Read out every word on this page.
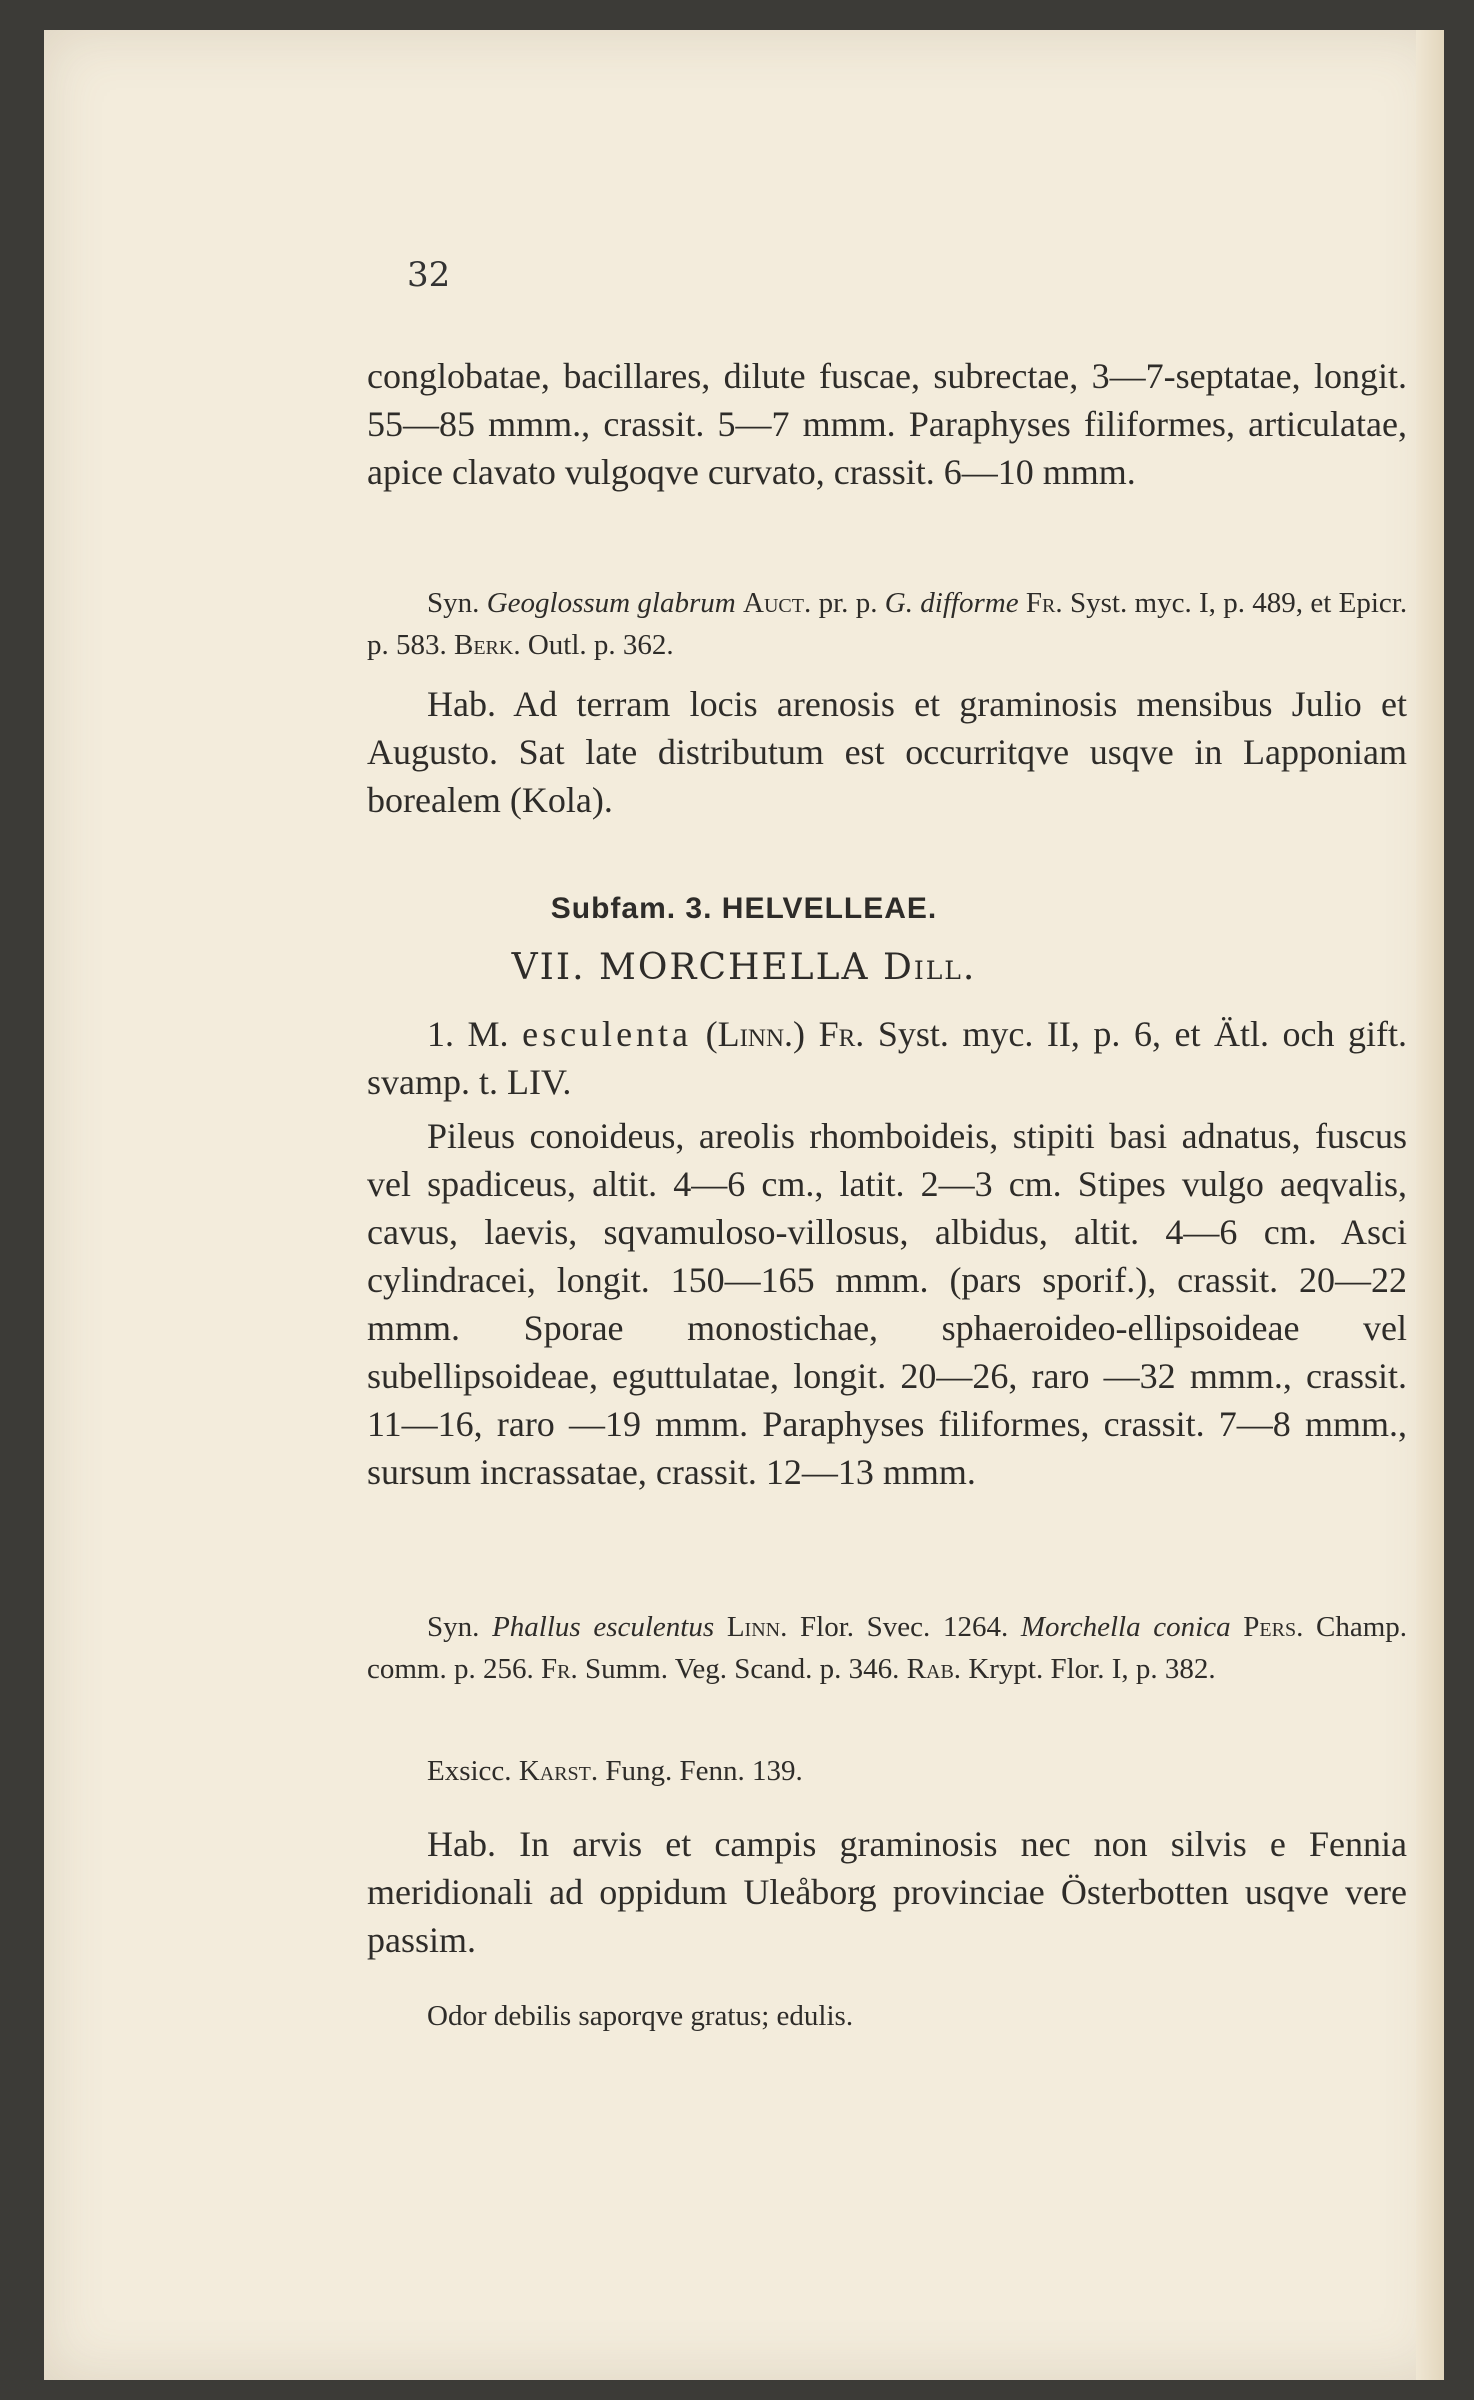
32
conglobatae, bacillares, dilute fuscae, subrectae, 3—7-septatae, longit. 55—85 mmm., crassit. 5—7 mmm. Paraphyses filiformes, articulatae, apice clavato vulgoqve curvato, crassit. 6—10 mmm.
Syn. Geoglossum glabrum Auct. pr. p. G. difforme Fr. Syst. myc. I, p. 489, et Epicr. p. 583. Berk. Outl. p. 362.
Hab. Ad terram locis arenosis et graminosis mensibus Julio et Augusto. Sat late distributum est occurritqve usqve in Lapponiam borealem (Kola).
Subfam. 3. HELVELLEAE.
VII. MORCHELLA Dill.
1. M. esculenta (Linn.) Fr. Syst. myc. II, p. 6, et Ätl. och gift. svamp. t. LIV.
Pileus conoideus, areolis rhomboideis, stipiti basi adnatus, fuscus vel spadiceus, altit. 4—6 cm., latit. 2—3 cm. Stipes vulgo aeqvalis, cavus, laevis, sqvamuloso-villosus, albidus, altit. 4—6 cm. Asci cylindracei, longit. 150—165 mmm. (pars sporif.), crassit. 20—22 mmm. Sporae monostichae, sphaeroideo-ellipsoideae vel subellipsoideae, eguttulatae, longit. 20—26, raro —32 mmm., crassit. 11—16, raro —19 mmm. Paraphyses filiformes, crassit. 7—8 mmm., sursum incrassatae, crassit. 12—13 mmm.
Syn. Phallus esculentus Linn. Flor. Svec. 1264. Morchella conica Pers. Champ. comm. p. 256. Fr. Summ. Veg. Scand. p. 346. Rab. Krypt. Flor. I, p. 382.
Exsicc. Karst. Fung. Fenn. 139.
Hab. In arvis et campis graminosis nec non silvis e Fennia meridionali ad oppidum Uleåborg provinciae Österbotten usqve vere passim.
Odor debilis saporqve gratus; edulis.
